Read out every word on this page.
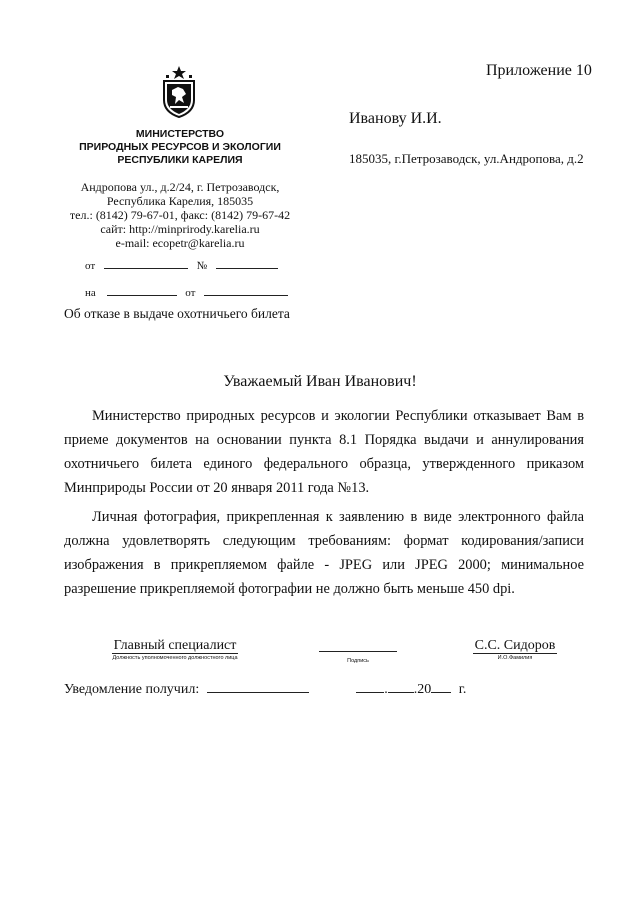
Приложение 10
МИНИСТЕРСТВО
ПРИРОДНЫХ РЕСУРСОВ И ЭКОЛОГИИ
РЕСПУБЛИКИ КАРЕЛИЯ
Андропова ул., д.2/24, г. Петрозаводск,
Республика Карелия, 185035
тел.: (8142) 79-67-01, факс: (8142) 79-67-42
сайт: http://minprirody.karelia.ru
e-mail: ecopetr@karelia.ru
от	№
на	от
Иванову И.И.
185035, г.Петрозаводск, ул.Андропова, д.2
Об отказе в выдаче охотничьего билета
Уважаемый Иван Иванович!

Министерство природных ресурсов и экологии Республики отказывает Вам в приеме документов на основании пункта 8.1 Порядка выдачи и аннулирования охотничьего билета единого федерального образца, утвержденного приказом Минприроды России от 20 января 2011 года №13.

Личная фотография, прикрепленная к заявлению в виде электронного файла должна удовлетворять следующим требованиям: формат кодирования/записи изображения в прикрепляемом файле - JPEG или JPEG 2000; минимальное разрешение прикрепляемой фотографии не должно быть меньше 450 dpi.

Главный специалист
Должность уполномоченного должностного лица	Подпись
С.С. Сидоров
И.О.Фамилия
Уведомление получил:	. .20 г.
